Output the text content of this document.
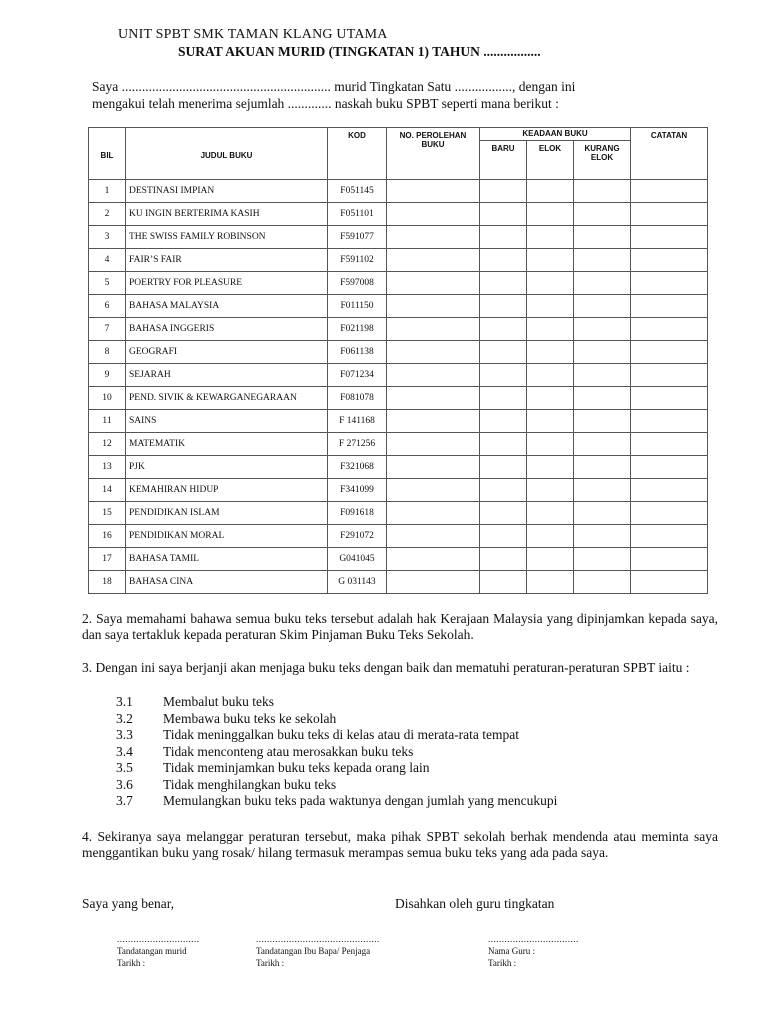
UNIT SPBT SMK TAMAN KLANG UTAMA
SURAT AKUAN MURID (TINGKATAN 1) TAHUN .................
Saya .............................................................. murid Tingkatan Satu ................., dengan ini
mengakui telah menerima sejumlah ............. naskah buku SPBT seperti mana berikut :
BIL	JUDUL BUKU	KOD	NO. PEROLEHAN BUKU	KEADAAN BUKU			CATATAN
				BARU	ELOK	KURANG ELOK	
1	DESTINASI IMPIAN	F051145					
2	KU INGIN BERTERIMA KASIH	F051101					
3	THE SWISS FAMILY ROBINSON	F591077					
4	FAIR’S FAIR	F591102					
5	POERTRY FOR PLEASURE	F597008					
6	BAHASA MALAYSIA	F011150					
7	BAHASA INGGERIS	F021198					
8	GEOGRAFI	F061138					
9	SEJARAH	F071234					
10	PEND. SIVIK & KEWARGANEGARAAN	F081078					
11	SAINS	F 141168					
12	MATEMATIK	F 271256					
13	PJK	F321068					
14	KEMAHIRAN HIDUP	F341099					
15	PENDIDIKAN ISLAM	F091618					
16	PENDIDIKAN MORAL	F291072					
17	BAHASA TAMIL	G041045					
18	BAHASA CINA	G 031143					
2. Saya memahami bahawa semua buku teks tersebut adalah hak Kerajaan Malaysia yang dipinjamkan kepada saya, dan saya tertakluk kepada peraturan Skim Pinjaman Buku Teks Sekolah.
3. Dengan ini saya berjanji akan menjaga buku teks dengan baik dan mematuhi peraturan-peraturan SPBT iaitu :
3.1	Membalut buku teks
3.2	Membawa buku teks ke sekolah
3.3	Tidak meninggalkan buku teks di kelas atau di merata-rata tempat
3.4	Tidak menconteng atau merosakkan buku teks
3.5	Tidak meminjamkan buku teks kepada orang lain
3.6	Tidak menghilangkan buku teks
3.7	Memulangkan buku teks pada waktunya dengan jumlah yang mencukupi
4. Sekiranya saya melanggar peraturan tersebut, maka pihak SPBT sekolah berhak mendenda atau meminta saya menggantikan buku yang rosak/ hilang termasuk merampas semua buku teks yang ada pada saya.
Saya yang benar,	Disahkan oleh guru tingkatan
..............................
Tandatangan murid
Tarikh :
.............................................
Tandatangan Ibu Bapa/ Penjaga
Tarikh :
.................................
Nama Guru :
Tarikh :
